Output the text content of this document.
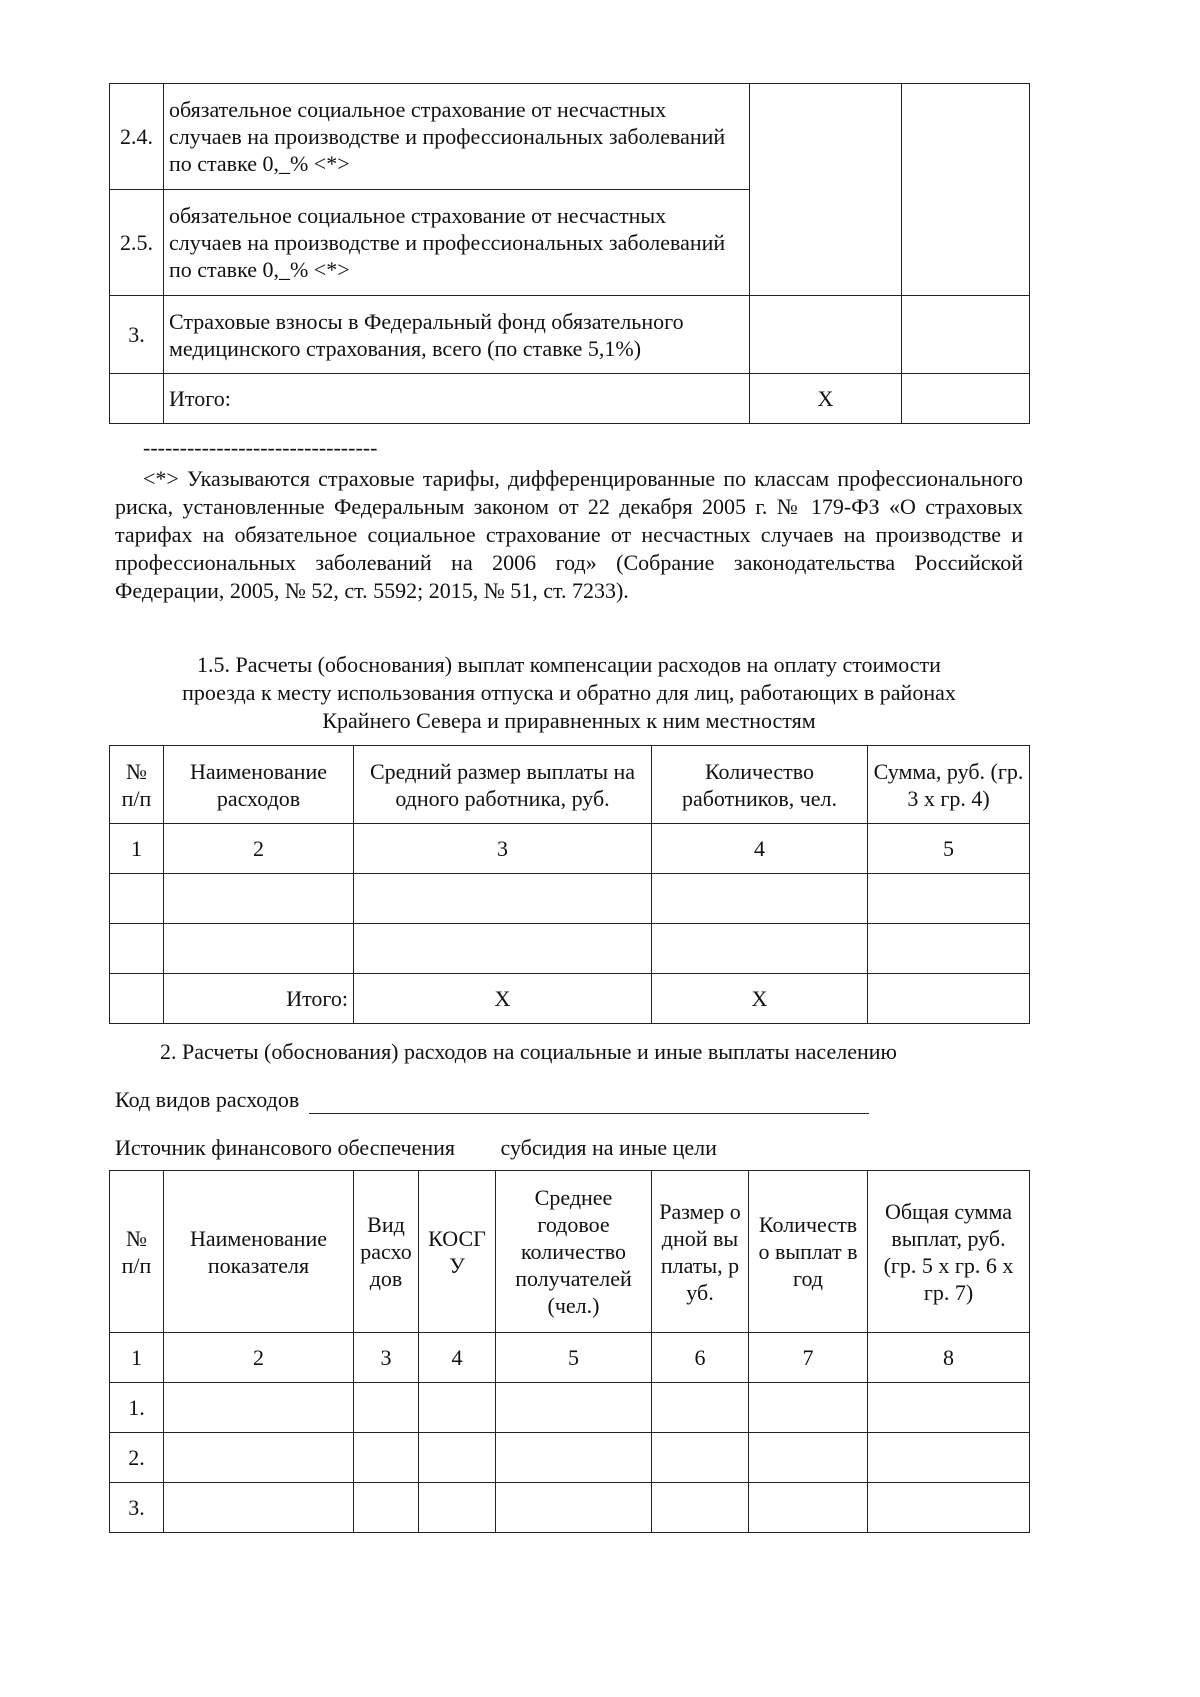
2.4.	обязательное социальное страхование от несчастных случаев на производстве и профессиональных заболеваний по ставке 0,_% <*>		
2.5.	обязательное социальное страхование от несчастных случаев на производстве и профессиональных заболеваний по ставке 0,_% <*>		
3.	Страховые взносы в Федеральный фонд обязательного медицинского страхования, всего (по ставке 5,1%)		
	Итого:	X	
--------------------------------
<*> Указываются страховые тарифы, дифференцированные по классам профессионального риска, установленные Федеральным законом от 22 декабря 2005 г. № 179-ФЗ «О страховых тарифах на обязательное социальное страхование от несчастных случаев на производстве и профессиональных заболеваний на 2006 год» (Собрание законодательства Российской Федерации, 2005, № 52, ст. 5592; 2015, № 51, ст. 7233).
1.5. Расчеты (обоснования) выплат компенсации расходов на оплату стоимости
проезда к месту использования отпуска и обратно для лиц, работающих в районах
Крайнего Севера и приравненных к ним местностям
№ п/п	Наименование расходов	Средний размер выплаты на одного работника, руб.	Количество работников, чел.	Сумма, руб. (гр. 3 х гр. 4)
1	2	3	4	5

	Итого:	X	X	
2. Расчеты (обоснования) расходов на социальные и иные выплаты населению
Код видов расходов
Источник финансового обеспечения субсидия на иные цели
№ п/п	Наименование показателя	Вид расходов	КОСГУ	Среднее годовое количество получателей (чел.)	Размер одной выплаты, руб.	Количество выплат в год	Общая сумма выплат, руб. (гр. 5 х гр. 6 х гр. 7)
1	2	3	4	5	6	7	8
1.							
2.							
3.							
